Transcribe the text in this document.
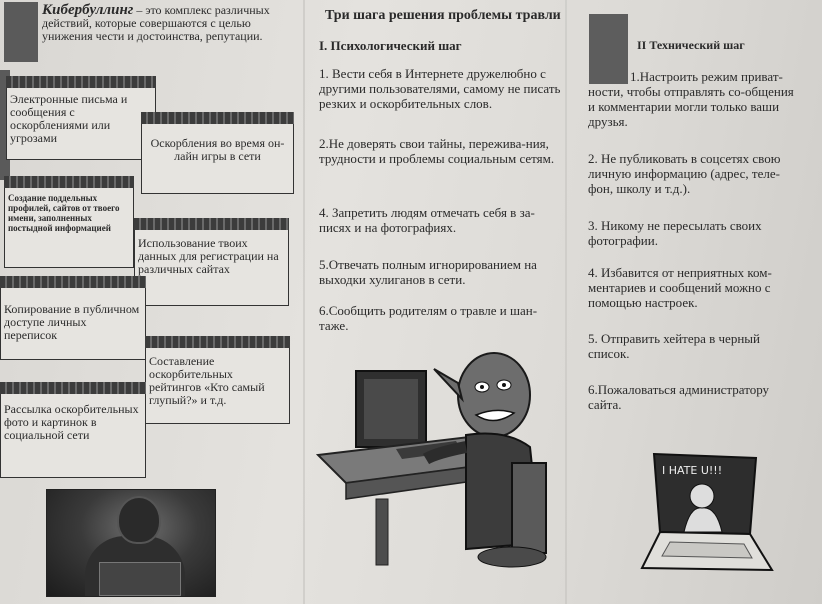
Кибербуллинг – это комплекс различных действий, которые совершаются с целью унижения чести и достоинства, репутации.
Электронные письма и сообщения с оскорблениями или угрозами	Оскорбления во время он-лайн игры в сети
Создание поддельных профилей, сайтов от твоего имени, заполненных постыдной информацией
Использование твоих данных для регистрации на различных сайтах
Копирование в публичном доступе личных переписок
Составление оскорбительных рейтингов «Кто самый глупый?» и т.д.
Рассылка оскорбительных фото и картинок в социальной сети
Три шага решения проблемы травли
I. Психологический шаг
1. Вести себя в Интернете дружелюбно с другими пользователями, самому не писать резких и оскорбительных слов.
2.Не доверять свои тайны, пережива-ния, трудности и проблемы социальным сетям.
4. Запретить людям отмечать себя в за-писях и на фотографиях.
5.Отвечать полным игнорированием на выходки хулиганов в сети.
6.Сообщить родителям о травле и шан-таже.
II Технический шаг
1.Настроить режим приват-ности, чтобы отправлять со-общения и комментарии могли только ваши друзья.
2. Не публиковать в соцсетях свою личную информацию (адрес, теле-фон, школу и т.д.).
3. Никому не пересылать своих фотографии.
4. Избавится от неприятных ком-ментариев и сообщений можно с помощью настроек.
5. Отправить хейтера в черный список.
6.Пожаловаться администратору сайта.
I HATE U!!!
